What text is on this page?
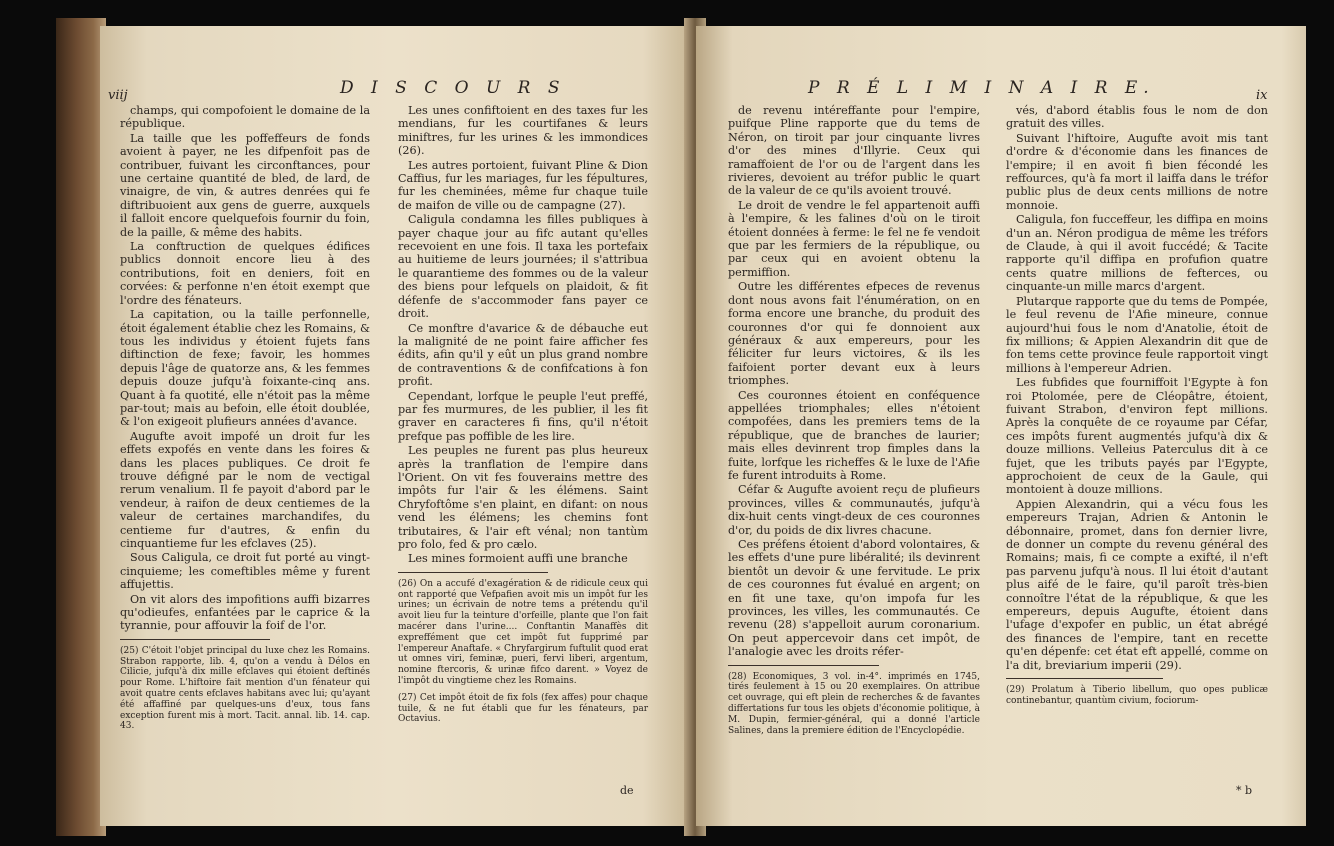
viij	D I S C O U R S

champs, qui compofoient le domaine de la république.

La taille que les poffeffeurs de fonds avoient à payer, ne les difpenfoit pas de contribuer, fuivant les circonftances, pour une certaine quantité de bled, de lard, de vinaigre, de vin, & autres denrées qui fe diftribuoient aux gens de guerre, auxquels il falloit encore quelquefois fournir du foin, de la paille, & même des habits.

La conftruction de quelques édifices publics donnoit encore lieu à des contributions, foit en deniers, foit en corvées: & perfonne n'en étoit exempt que l'ordre des fénateurs.

La capitation, ou la taille perfonnelle, étoit également établie chez les Romains, & tous les individus y étoient fujets fans diftinction de fexe; favoir, les hommes depuis l'âge de quatorze ans, & les femmes depuis douze jufqu'à foixante-cinq ans. Quant à fa quotité, elle n'étoit pas la même par-tout; mais au befoin, elle étoit doublée, & l'on exigeoit plufieurs années d'avance.

Augufte avoit impofé un droit fur les effets expofés en vente dans les foires & dans les places publiques. Ce droit fe trouve défigné par le nom de vectigal rerum venalium. Il fe payoit d'abord par le vendeur, à raifon de deux centiemes de la valeur de certaines marchandifes, du centieme fur d'autres, & enfin du cinquantieme fur les efclaves (25).

Sous Caligula, ce droit fut porté au vingt-cinquieme; les comeftibles même y furent affujettis.

On vit alors des impofitions auffi bizarres qu'odieufes, enfantées par le caprice & la tyrannie, pour affouvir la foif de l'or.

(25) C'étoit l'objet principal du luxe chez les Romains. Strabon rapporte, lib. 4, qu'on a vendu à Délos en Cilicie, jufqu'à dix mille efclaves qui étoient deftinés pour Rome. L'hiftoire fait mention d'un fénateur qui avoit quatre cents efclaves habitans avec lui; qu'ayant été affaffiné par quelques-uns d'eux, tous fans exception furent mis à mort. Tacit. annal. lib. 14. cap. 43.

Les unes confiftoient en des taxes fur les mendians, fur les courtifanes & leurs miniftres, fur les urines & les immondices (26).

Les autres portoient, fuivant Pline & Dion Caffius, fur les mariages, fur les fépultures, fur les cheminées, même fur chaque tuile de maifon de ville ou de campagne (27).

Caligula condamna les filles publiques à payer chaque jour au fifc autant qu'elles recevoient en une fois. Il taxa les portefaix au huitieme de leurs journées; il s'attribua le quarantieme des fommes ou de la valeur des biens pour lefquels on plaidoit, & fit défenfe de s'accommoder fans payer ce droit.

Ce monftre d'avarice & de débauche eut la malignité de ne point faire afficher fes édits, afin qu'il y eût un plus grand nombre de contraventions & de confifcations à fon profit.

Cependant, lorfque le peuple l'eut preffé, par fes murmures, de les publier, il les fit graver en caracteres fi fins, qu'il n'étoit prefque pas poffible de les lire.

Les peuples ne furent pas plus heureux après la tranflation de l'empire dans l'Orient. On vit fes fouverains mettre des impôts fur l'air & les élémens. Saint Chryfoftôme s'en plaint, en difant: on nous vend les élémens; les chemins font tributaires, & l'air eft vénal; non tantùm pro folo, fed & pro cælo.

Les mines formoient auffi une branche

(26) On a accufé d'exagération & de ridicule ceux qui ont rapporté que Vefpafien avoit mis un impôt fur les urines; un écrivain de notre tems a prétendu qu'il avoit lieu fur la teinture d'orfeille, plante que l'on fait macérer dans l'urine.... Conftantin Manaffès dit expreffément que cet impôt fut fupprimé par l'empereur Anaftafe. « Chryfargirum fuftulit quod erat ut omnes viri, feminæ, pueri, fervi liberi, argentum, nomine ftercoris, & urinæ fifco darent. » Voyez de l'impôt du vingtieme chez les Romains.
(27) Cet impôt étoit de fix fols (fex affes) pour chaque tuile, & ne fut établi que fur les fénateurs, par Octavius.
de
P R É L I M I N A I R E.	ix

de revenu intéreffante pour l'empire, puifque Pline rapporte que du tems de Néron, on tiroit par jour cinquante livres d'or des mines d'Illyrie. Ceux qui ramaffoient de l'or ou de l'argent dans les rivieres, devoient au tréfor public le quart de la valeur de ce qu'ils avoient trouvé.

Le droit de vendre le fel appartenoit auffi à l'empire, & les falines d'où on le tiroit étoient données à ferme: le fel ne fe vendoit que par les fermiers de la république, ou par ceux qui en avoient obtenu la permiffion.

Outre les différentes efpeces de revenus dont nous avons fait l'énumération, on en forma encore une branche, du produit des couronnes d'or qui fe donnoient aux généraux & aux empereurs, pour les féliciter fur leurs victoires, & ils les faifoient porter devant eux à leurs triomphes.

Ces couronnes étoient en conféquence appellées triomphales; elles n'étoient compofées, dans les premiers tems de la république, que de branches de laurier; mais elles devinrent trop fimples dans la fuite, lorfque les richeffes & le luxe de l'Afie fe furent introduits à Rome.

Céfar & Augufte avoient reçu de plufieurs provinces, villes & communautés, jufqu'à dix-huit cents vingt-deux de ces couronnes d'or, du poids de dix livres chacune.

Ces préfens étoient d'abord volontaires, & les effets d'une pure libéralité; ils devinrent bientôt un devoir & une fervitude. Le prix de ces couronnes fut évalué en argent; on en fit une taxe, qu'on impofa fur les provinces, les villes, les communautés. Ce revenu (28) s'appelloit aurum coronarium. On peut appercevoir dans cet impôt, de l'analogie avec les droits réfer-

(28) Economiques, 3 vol. in-4°. imprimés en 1745, tirés feulement à 15 ou 20 exemplaires. On attribue cet ouvrage, qui eft plein de recherches & de favantes differtations fur tous les objets d'économie politique, à M. Dupin, fermier-général, qui a donné l'article Salines, dans la premiere édition de l'Encyclopédie.

vés, d'abord établis fous le nom de don gratuit des villes.

Suivant l'hiftoire, Augufte avoit mis tant d'ordre & d'économie dans les finances de l'empire; il en avoit fi bien fécondé les reffources, qu'à fa mort il laiffa dans le tréfor public plus de deux cents millions de notre monnoie.

Caligula, fon fucceffeur, les diffipa en moins d'un an. Néron prodigua de même les tréfors de Claude, à qui il avoit fuccédé; & Tacite rapporte qu'il diffipa en profufion quatre cents quatre millions de fefterces, ou cinquante-un mille marcs d'argent.

Plutarque rapporte que du tems de Pompée, le feul revenu de l'Afie mineure, connue aujourd'hui fous le nom d'Anatolie, étoit de fix millions; & Appien Alexandrin dit que de fon tems cette province feule rapportoit vingt millions à l'empereur Adrien.

Les fubfides que fourniffoit l'Egypte à fon roi Ptolomée, pere de Cléopâtre, étoient, fuivant Strabon, d'environ fept millions. Après la conquête de ce royaume par Céfar, ces impôts furent augmentés jufqu'à dix & douze millions. Velleius Paterculus dit à ce fujet, que les tributs payés par l'Egypte, approchoient de ceux de la Gaule, qui montoient à douze millions.

Appien Alexandrin, qui a vécu fous les empereurs Trajan, Adrien & Antonin le débonnaire, promet, dans fon dernier livre, de donner un compte du revenu général des Romains; mais, fi ce compte a exifté, il n'eft pas parvenu jufqu'à nous. Il lui étoit d'autant plus aifé de le faire, qu'il paroît très-bien connoître l'état de la république, & que les empereurs, depuis Augufte, étoient dans l'ufage d'expofer en public, un état abrégé des finances de l'empire, tant en recette qu'en dépenfe: cet état eft appellé, comme on l'a dit, breviarium imperii (29).

(29) Prolatum à Tiberio libellum, quo opes publicæ continebantur, quantùm civium, fociorum-
* b
